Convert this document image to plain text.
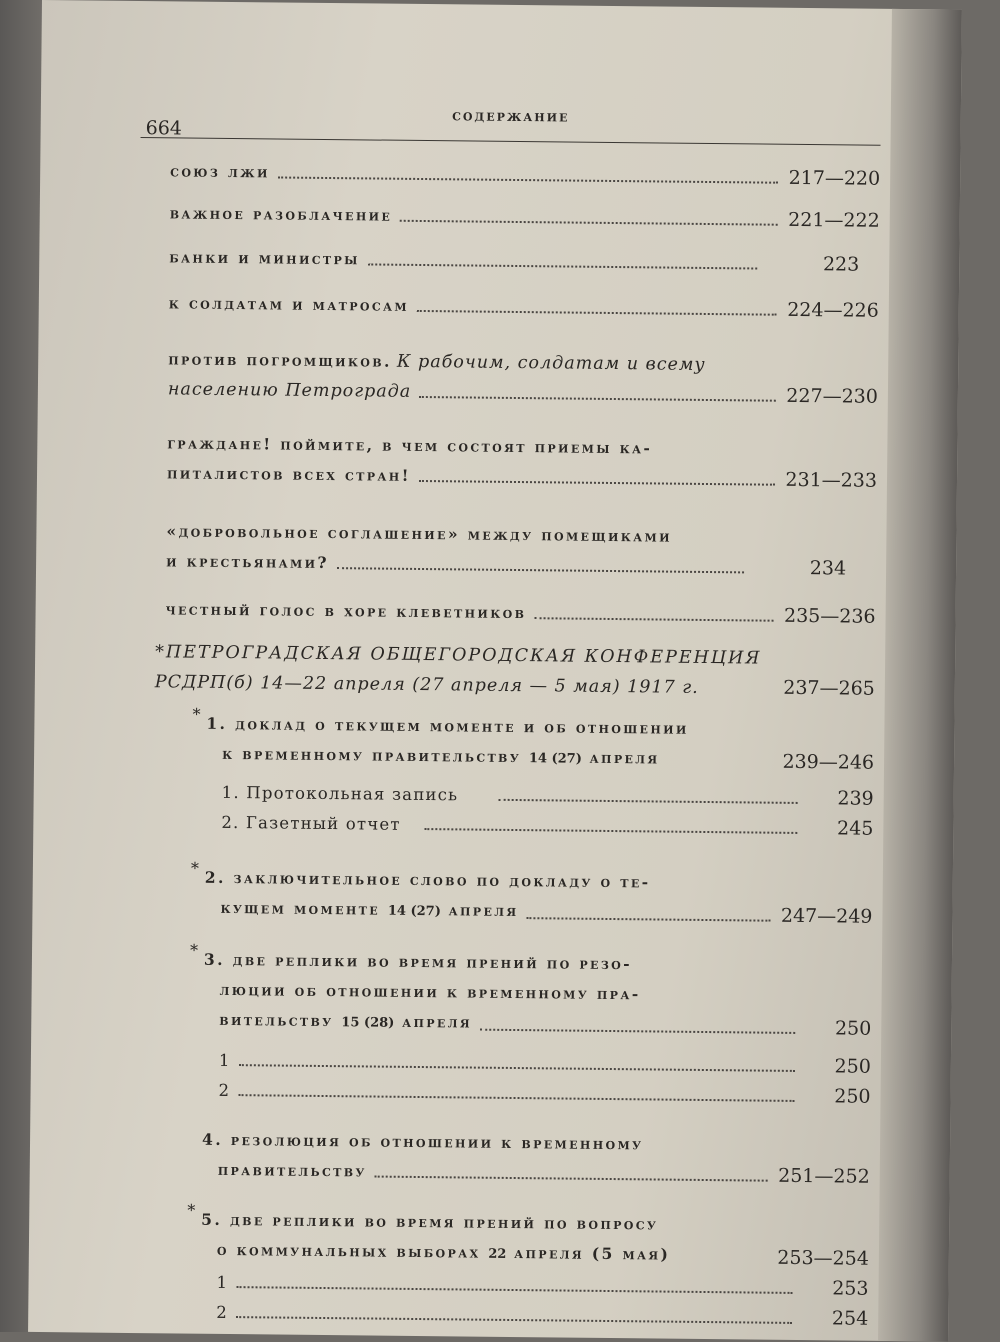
664	СОДЕРЖАНИЕ
союз лжи	217—220
важное разоблачение	221—222
банки и министры	223
к солдатам и матросам	224—226
против погромщиков. К рабочим, солдатам и всему
населению Петрограда	227—230
граждане! поймите, в чем состоят приемы ка-
питалистов всех стран!	231—233
«добровольное соглашение» между помещиками
и крестьянами?	234
честный голос в хоре клеветников	235—236
*ПЕТРОГРАДСКАЯ ОБЩЕГОРОДСКАЯ КОНФЕРЕНЦИЯ
РСДРП(б) 14—22 апреля (27 апреля — 5 мая) 1917 г.	237—265
* 1. доклад о текущем моменте и об отношении
к временному правительству 14 (27) апреля	239—246
1. Протокольная запись	239
2. Газетный отчет	245
* 2. заключительное слово по докладу о те-
кущем моменте 14 (27) апреля	247—249
* 3. две реплики во время прений по резо-
люции об отношении к временному пра-
вительству 15 (28) апреля	250
1	250
2	250
4. резолюция об отношении к временному
правительству	251—252
* 5. две реплики во время прений по вопросу
о коммунальных выборах 22 апреля (5 мая)	253—254
1	253
2	254
